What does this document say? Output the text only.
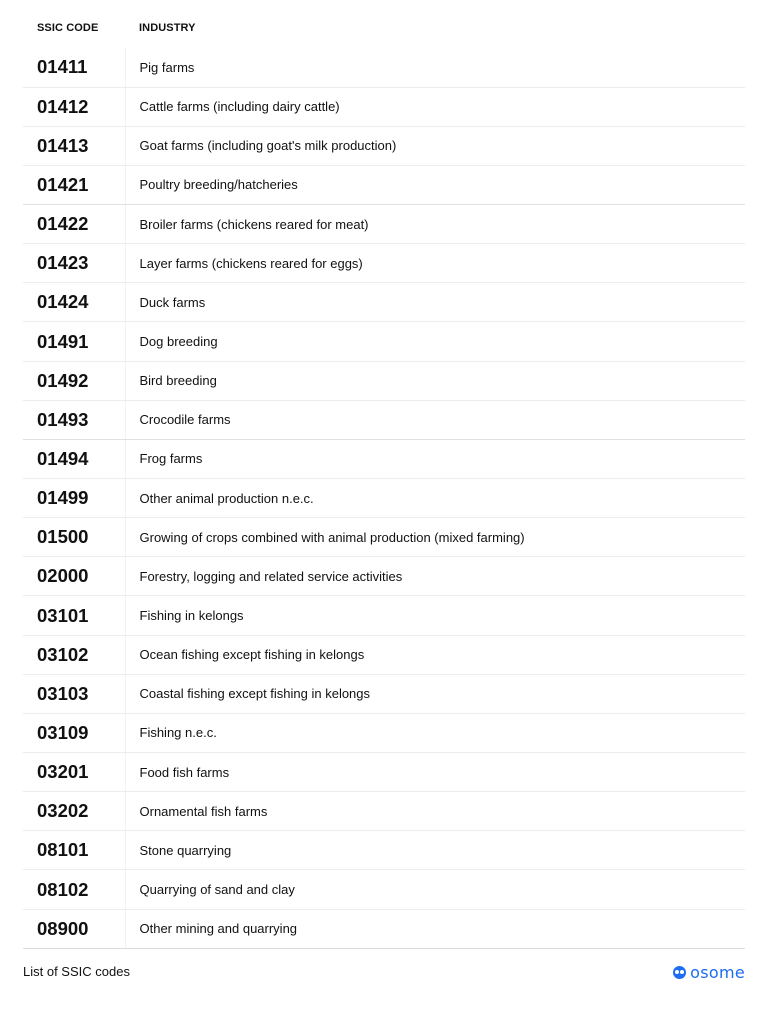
SSIC CODE	INDUSTRY
01411	Pig farms
01412	Cattle farms (including dairy cattle)
01413	Goat farms (including goat's milk production)
01421	Poultry breeding/hatcheries
01422	Broiler farms (chickens reared for meat)
01423	Layer farms (chickens reared for eggs)
01424	Duck farms
01491	Dog breeding
01492	Bird breeding
01493	Crocodile farms
01494	Frog farms
01499	Other animal production n.e.c.
01500	Growing of crops combined with animal production (mixed farming)
02000	Forestry, logging and related service activities
03101	Fishing in kelongs
03102	Ocean fishing except fishing in kelongs
03103	Coastal fishing except fishing in kelongs
03109	Fishing n.e.c.
03201	Food fish farms
03202	Ornamental fish farms
08101	Stone quarrying
08102	Quarrying of sand and clay
08900	Other mining and quarrying
List of SSIC codes	osome
